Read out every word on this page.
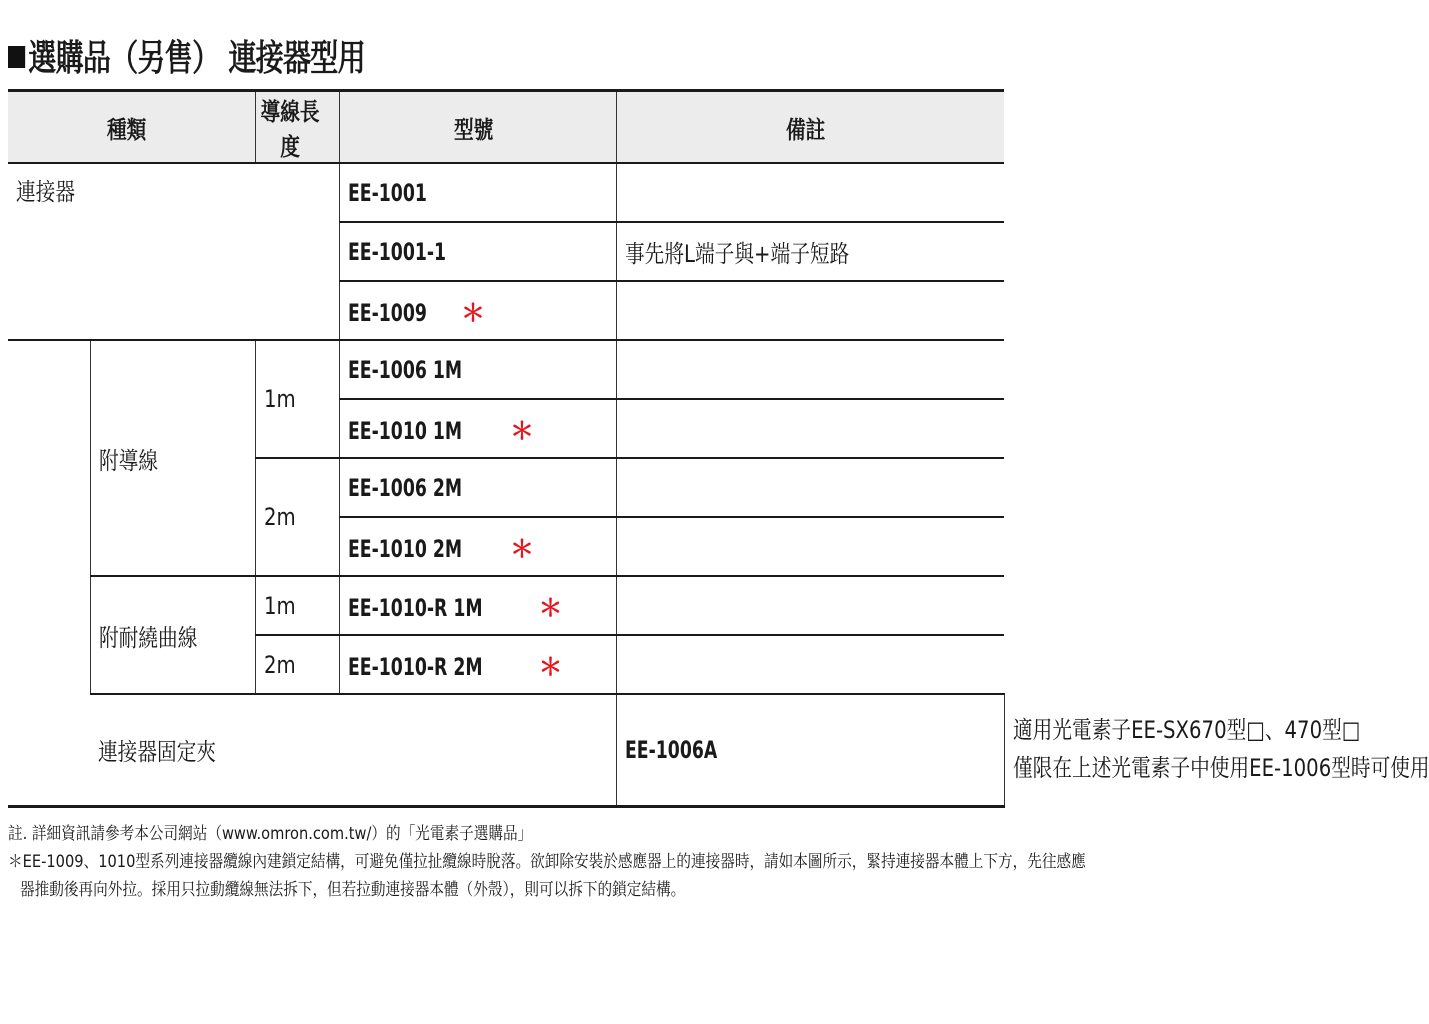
選購品（另售） 連接器型用
種類		導線長度	型號	備註	
連接器			EE-1001		
			EE-1001-1	事先將L端子與+端子短路	
			EE-1009 ＊		
	附導線	1m	EE-1006 1M		
			EE-1010 1M ＊		
		2m	EE-1006 2M		
			EE-1010 2M ＊		
	附耐繞曲線	1m	EE-1010-R 1M ＊		
		2m	EE-1010-R 2M ＊		
	連接器固定夾			EE-1006A	適用光電素子EE-SX670型□、470型□
僅限在上述光電素子中使用EE-1006型時可使用
註. 詳細資訊請參考本公司網站（www.omron.com.tw/）的「光電素子選購品」
＊EE-1009、1010型系列連接器纜線內建鎖定結構，可避免僅拉扯纜線時脫落。欲卸除安裝於感應器上的連接器時，請如本圖所示，緊持連接器本體上下方，先往感應
器推動後再向外拉。採用只拉動纜線無法拆下，但若拉動連接器本體（外殼），則可以拆下的鎖定結構。
